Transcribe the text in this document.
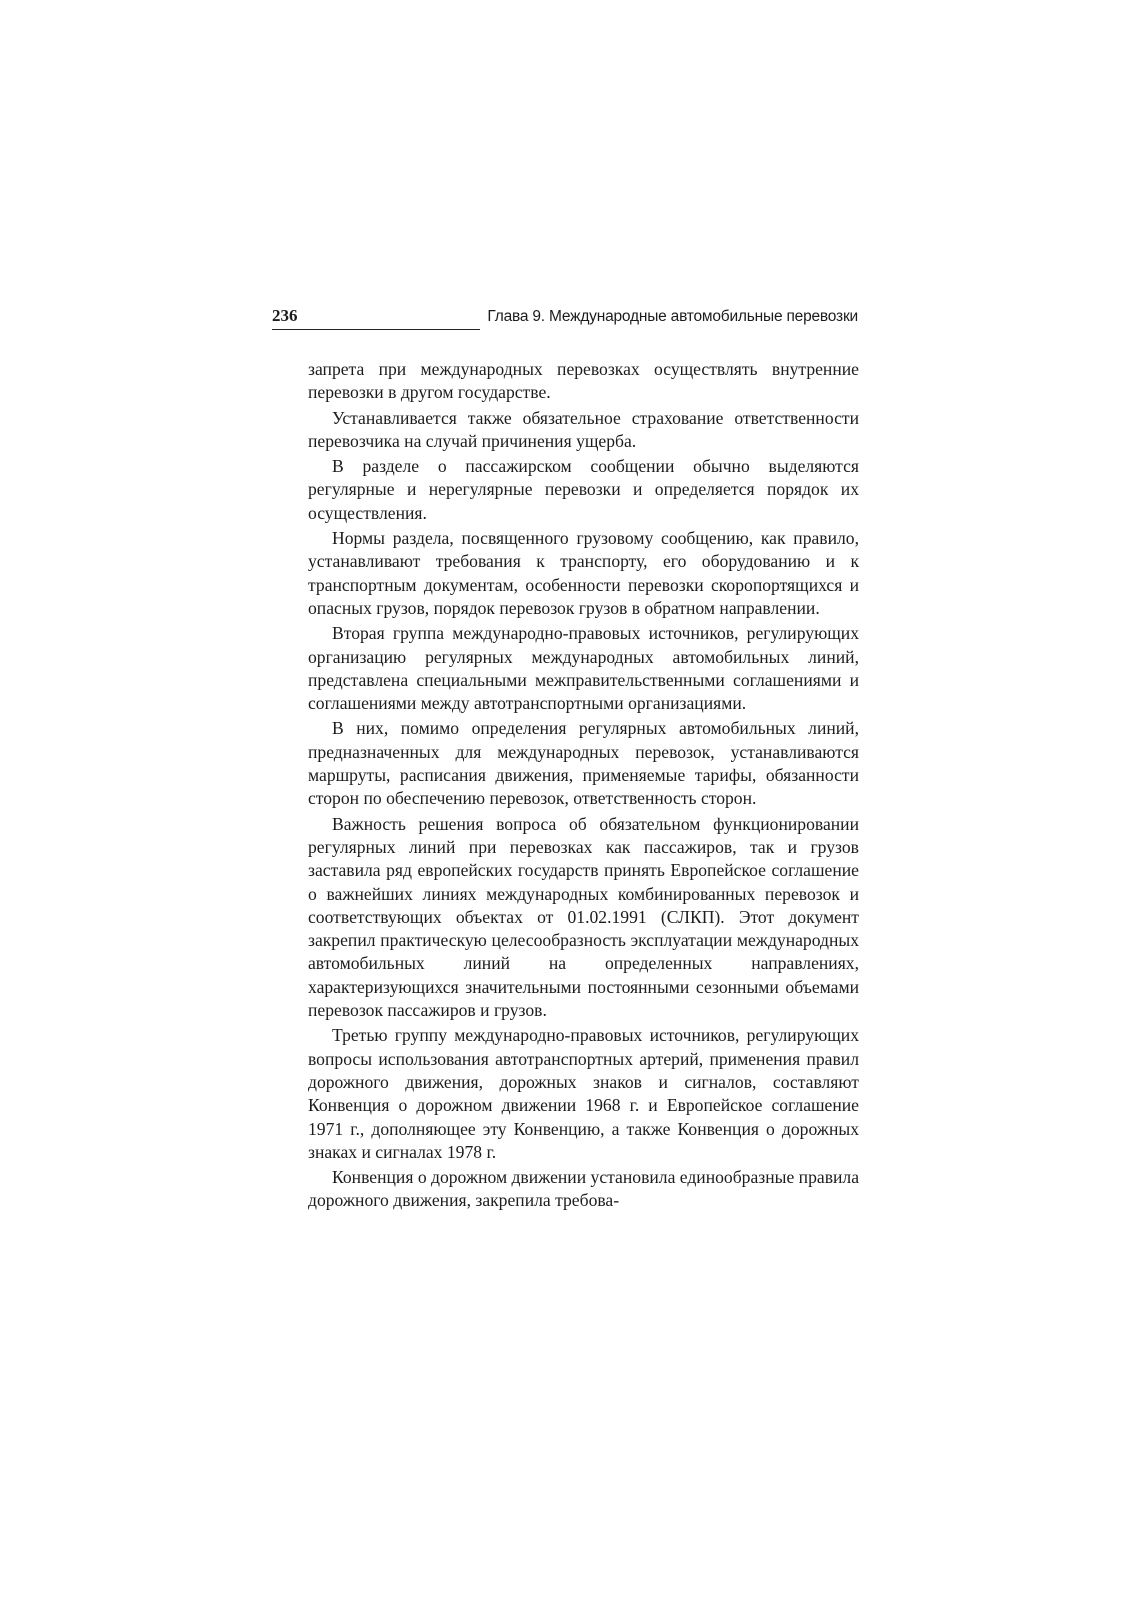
236	Глава 9. Международные автомобильные перевозки

запрета при международных перевозках осуществлять внутренние перевозки в другом государстве.

Устанавливается также обязательное страхование ответственности перевозчика на случай причинения ущерба.

В разделе о пассажирском сообщении обычно выделяются регулярные и нерегулярные перевозки и определяется порядок их осуществления.

Нормы раздела, посвященного грузовому сообщению, как правило, устанавливают требования к транспорту, его оборудованию и к транспортным документам, особенности перевозки скоропортящихся и опасных грузов, порядок перевозок грузов в обратном направлении.

Вторая группа международно-правовых источников, регулирующих организацию регулярных международных автомобильных линий, представлена специальными межправительственными соглашениями и соглашениями между автотранспортными организациями.

В них, помимо определения регулярных автомобильных линий, предназначенных для международных перевозок, устанавливаются маршруты, расписания движения, применяемые тарифы, обязанности сторон по обеспечению перевозок, ответственность сторон.

Важность решения вопроса об обязательном функционировании регулярных линий при перевозках как пассажиров, так и грузов заставила ряд европейских государств принять Европейское соглашение о важнейших линиях международных комбинированных перевозок и соответствующих объектах от 01.02.1991 (СЛКП). Этот документ закрепил практическую целесообразность эксплуатации международных автомобильных линий на определенных направлениях, характеризующихся значительными постоянными сезонными объемами перевозок пассажиров и грузов.

Третью группу международно-правовых источников, регулирующих вопросы использования автотранспортных артерий, применения правил дорожного движения, дорожных знаков и сигналов, составляют Конвенция о дорожном движении 1968 г. и Европейское соглашение 1971 г., дополняющее эту Конвенцию, а также Конвенция о дорожных знаках и сигналах 1978 г.

Конвенция о дорожном движении установила единообразные правила дорожного движения, закрепила требова-
